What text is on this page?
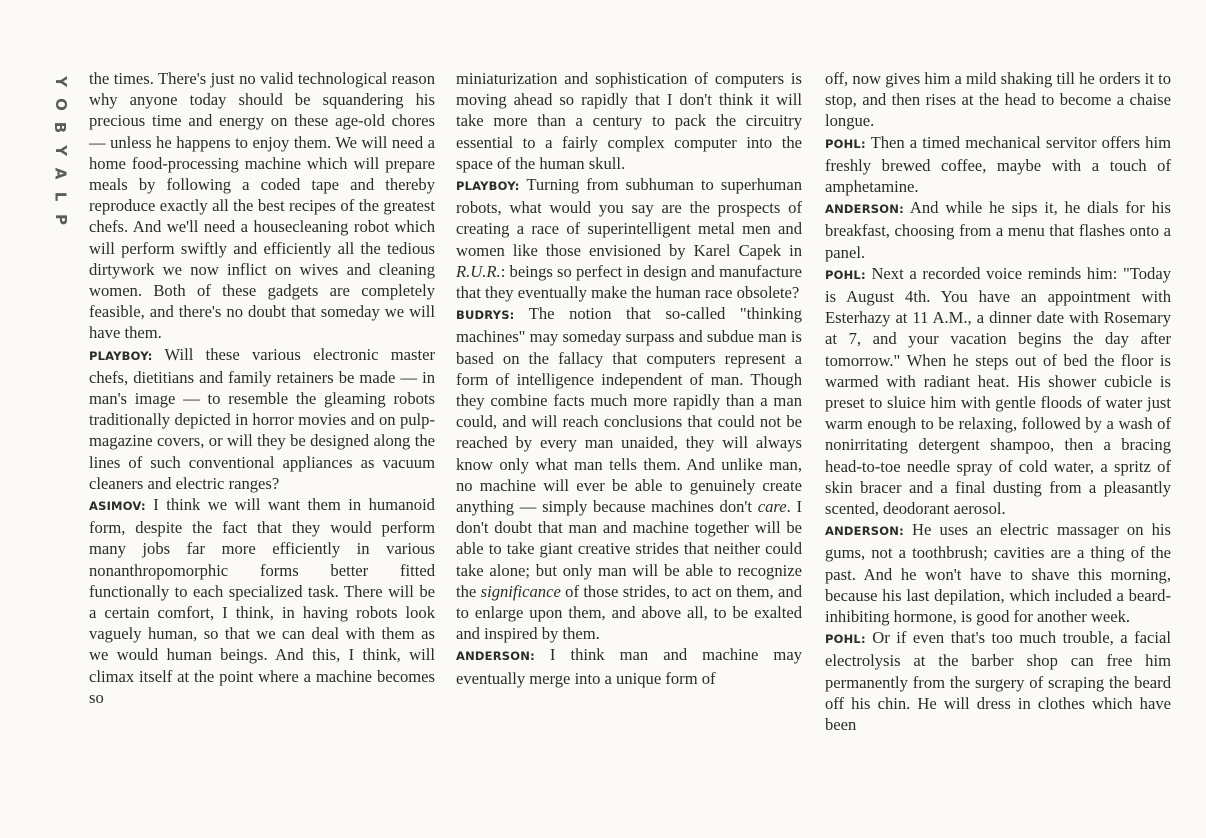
Y
O
B
Y
A
L
P

the times. There's just no valid technological reason why anyone today should be squandering his precious time and energy on these age-old chores — unless he happens to enjoy them. We will need a home food-processing machine which will prepare meals by following a coded tape and thereby reproduce exactly all the best recipes of the greatest chefs. And we'll need a housecleaning robot which will perform swiftly and efficiently all the tedious dirtywork we now inflict on wives and cleaning women. Both of these gadgets are completely feasible, and there's no doubt that someday we will have them.

PLAYBOY: Will these various electronic master chefs, dietitians and family retainers be made — in man's image — to resemble the gleaming robots traditionally depicted in horror movies and on pulp-magazine covers, or will they be designed along the lines of such conventional appliances as vacuum cleaners and electric ranges?

ASIMOV: I think we will want them in humanoid form, despite the fact that they would perform many jobs far more efficiently in various nonanthropomorphic forms better fitted functionally to each specialized task. There will be a certain comfort, I think, in having robots look vaguely human, so that we can deal with them as we would human beings. And this, I think, will climax itself at the point where a machine becomes so

miniaturization and sophistication of computers is moving ahead so rapidly that I don't think it will take more than a century to pack the circuitry essential to a fairly complex computer into the space of the human skull.

PLAYBOY: Turning from subhuman to superhuman robots, what would you say are the prospects of creating a race of superintelligent metal men and women like those envisioned by Karel Capek in R.U.R.: beings so perfect in design and manufacture that they eventually make the human race obsolete?

BUDRYS: The notion that so-called "thinking machines" may someday surpass and subdue man is based on the fallacy that computers represent a form of intelligence independent of man. Though they combine facts much more rapidly than a man could, and will reach conclusions that could not be reached by every man unaided, they will always know only what man tells them. And unlike man, no machine will ever be able to genuinely create anything — simply because machines don't care. I don't doubt that man and machine together will be able to take giant creative strides that neither could take alone; but only man will be able to recognize the significance of those strides, to act on them, and to enlarge upon them, and above all, to be exalted and inspired by them.

ANDERSON: I think man and machine may eventually merge into a unique form of

off, now gives him a mild shaking till he orders it to stop, and then rises at the head to become a chaise longue.

POHL: Then a timed mechanical servitor offers him freshly brewed coffee, maybe with a touch of amphetamine.

ANDERSON: And while he sips it, he dials for his breakfast, choosing from a menu that flashes onto a panel.

POHL: Next a recorded voice reminds him: "Today is August 4th. You have an appointment with Esterhazy at 11 A.M., a dinner date with Rosemary at 7, and your vacation begins the day after tomorrow." When he steps out of bed the floor is warmed with radiant heat. His shower cubicle is preset to sluice him with gentle floods of water just warm enough to be relaxing, followed by a wash of nonirritating detergent shampoo, then a bracing head-to-toe needle spray of cold water, a spritz of skin bracer and a final dusting from a pleasantly scented, deodorant aerosol.

ANDERSON: He uses an electric massager on his gums, not a toothbrush; cavities are a thing of the past. And he won't have to shave this morning, because his last depilation, which included a beard-inhibiting hormone, is good for another week.

POHL: Or if even that's too much trouble, a facial electrolysis at the barber shop can free him permanently from the surgery of scraping the beard off his chin. He will dress in clothes which have been
